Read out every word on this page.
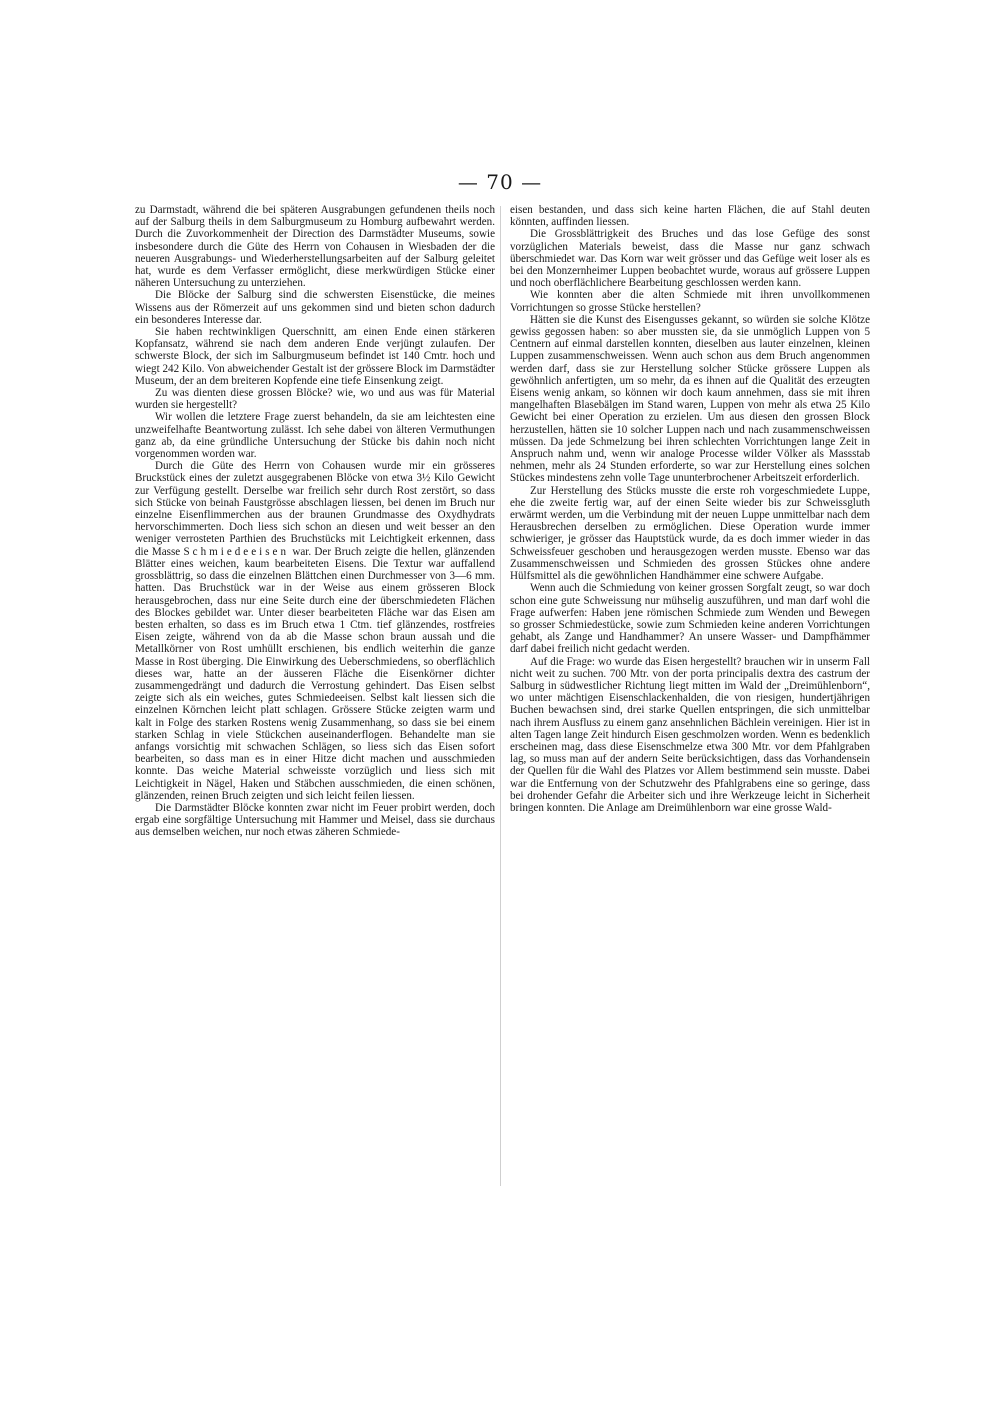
— 70 —

zu Darmstadt, während die bei späteren Ausgrabungen gefundenen theils noch auf der Salburg theils in dem Salburgmuseum zu Homburg aufbewahrt werden. Durch die Zuvorkommenheit der Direction des Darmstädter Museums, sowie insbesondere durch die Güte des Herrn von Cohausen in Wiesbaden der die neueren Ausgrabungs- und Wiederherstellungsarbeiten auf der Salburg geleitet hat, wurde es dem Verfasser ermöglicht, diese merkwürdigen Stücke einer näheren Untersuchung zu unterziehen.

Die Blöcke der Salburg sind die schwersten Eisenstücke, die meines Wissens aus der Römerzeit auf uns gekommen sind und bieten schon dadurch ein besonderes Interesse dar.

Sie haben rechtwinkligen Querschnitt, am einen Ende einen stärkeren Kopfansatz, während sie nach dem anderen Ende verjüngt zulaufen. Der schwerste Block, der sich im Salburgmuseum befindet ist 140 Cmtr. hoch und wiegt 242 Kilo. Von abweichender Gestalt ist der grössere Block im Darmstädter Museum, der an dem breiteren Kopfende eine tiefe Einsenkung zeigt.

Zu was dienten diese grossen Blöcke? wie, wo und aus was für Material wurden sie hergestellt?

Wir wollen die letztere Frage zuerst behandeln, da sie am leichtesten eine unzweifelhafte Beantwortung zulässt. Ich sehe dabei von älteren Vermuthungen ganz ab, da eine gründliche Untersuchung der Stücke bis dahin noch nicht vorgenommen worden war.

Durch die Güte des Herrn von Cohausen wurde mir ein grösseres Bruckstück eines der zuletzt ausgegrabenen Blöcke von etwa 3½ Kilo Gewicht zur Verfügung gestellt. Derselbe war freilich sehr durch Rost zerstört, so dass sich Stücke von beinah Faustgrösse abschlagen liessen, bei denen im Bruch nur einzelne Eisenflimmerchen aus der braunen Grundmasse des Oxydhydrats hervorschimmerten. Doch liess sich schon an diesen und weit besser an den weniger verrosteten Parthien des Bruchstücks mit Leichtigkeit erkennen, dass die Masse Schmiedeeisen war. Der Bruch zeigte die hellen, glänzenden Blätter eines weichen, kaum bearbeiteten Eisens. Die Textur war auffallend grossblättrig, so dass die einzelnen Blättchen einen Durchmesser von 3—6 mm. hatten. Das Bruchstück war in der Weise aus einem grösseren Block herausgebrochen, dass nur eine Seite durch eine der überschmiedeten Flächen des Blockes gebildet war. Unter dieser bearbeiteten Fläche war das Eisen am besten erhalten, so dass es im Bruch etwa 1 Ctm. tief glänzendes, rostfreies Eisen zeigte, während von da ab die Masse schon braun aussah und die Metallkörner von Rost umhüllt erschienen, bis endlich weiterhin die ganze Masse in Rost überging. Die Einwirkung des Ueberschmiedens, so oberflächlich dieses war, hatte an der äusseren Fläche die Eisenkörner dichter zusammengedrängt und dadurch die Verrostung gehindert. Das Eisen selbst zeigte sich als ein weiches, gutes Schmiedeeisen. Selbst kalt liessen sich die einzelnen Körnchen leicht platt schlagen. Grössere Stücke zeigten warm und kalt in Folge des starken Rostens wenig Zusammenhang, so dass sie bei einem starken Schlag in viele Stückchen auseinanderflogen. Behandelte man sie anfangs vorsichtig mit schwachen Schlägen, so liess sich das Eisen sofort bearbeiten, so dass man es in einer Hitze dicht machen und ausschmieden konnte. Das weiche Material schweisste vorzüglich und liess sich mit Leichtigkeit in Nägel, Haken und Stäbchen ausschmieden, die einen schönen, glänzenden, reinen Bruch zeigten und sich leicht feilen liessen.

Die Darmstädter Blöcke konnten zwar nicht im Feuer probirt werden, doch ergab eine sorgfältige Untersuchung mit Hammer und Meisel, dass sie durchaus aus demselben weichen, nur noch etwas zäheren Schmiede-

eisen bestanden, und dass sich keine harten Flächen, die auf Stahl deuten könnten, auffinden liessen.

Die Grossblättrigkeit des Bruches und das lose Gefüge des sonst vorzüglichen Materials beweist, dass die Masse nur ganz schwach überschmiedet war. Das Korn war weit grösser und das Gefüge weit loser als es bei den Monzernheimer Luppen beobachtet wurde, woraus auf grössere Luppen und noch oberflächlichere Bearbeitung geschlossen werden kann.

Wie konnten aber die alten Schmiede mit ihren unvollkommenen Vorrichtungen so grosse Stücke herstellen?

Hätten sie die Kunst des Eisengusses gekannt, so würden sie solche Klötze gewiss gegossen haben: so aber mussten sie, da sie unmöglich Luppen von 5 Centnern auf einmal darstellen konnten, dieselben aus lauter einzelnen, kleinen Luppen zusammenschweissen. Wenn auch schon aus dem Bruch angenommen werden darf, dass sie zur Herstellung solcher Stücke grössere Luppen als gewöhnlich anfertigten, um so mehr, da es ihnen auf die Qualität des erzeugten Eisens wenig ankam, so können wir doch kaum annehmen, dass sie mit ihren mangelhaften Blasebälgen im Stand waren, Luppen von mehr als etwa 25 Kilo Gewicht bei einer Operation zu erzielen. Um aus diesen den grossen Block herzustellen, hätten sie 10 solcher Luppen nach und nach zusammenschweissen müssen. Da jede Schmelzung bei ihren schlechten Vorrichtungen lange Zeit in Anspruch nahm und, wenn wir analoge Processe wilder Völker als Massstab nehmen, mehr als 24 Stunden erforderte, so war zur Herstellung eines solchen Stückes mindestens zehn volle Tage ununterbrochener Arbeitszeit erforderlich.

Zur Herstellung des Stücks musste die erste roh vorgeschmiedete Luppe, ehe die zweite fertig war, auf der einen Seite wieder bis zur Schweissgluth erwärmt werden, um die Verbindung mit der neuen Luppe unmittelbar nach dem Herausbrechen derselben zu ermöglichen. Diese Operation wurde immer schwieriger, je grösser das Hauptstück wurde, da es doch immer wieder in das Schweissfeuer geschoben und herausgezogen werden musste. Ebenso war das Zusammenschweissen und Schmieden des grossen Stückes ohne andere Hülfsmittel als die gewöhnlichen Handhämmer eine schwere Aufgabe.

Wenn auch die Schmiedung von keiner grossen Sorgfalt zeugt, so war doch schon eine gute Schweissung nur mühselig auszuführen, und man darf wohl die Frage aufwerfen: Haben jene römischen Schmiede zum Wenden und Bewegen so grosser Schmiedestücke, sowie zum Schmieden keine anderen Vorrichtungen gehabt, als Zange und Handhammer? An unsere Wasser- und Dampfhämmer darf dabei freilich nicht gedacht werden.

Auf die Frage: wo wurde das Eisen hergestellt? brauchen wir in unserm Fall nicht weit zu suchen. 700 Mtr. von der porta principalis dextra des castrum der Salburg in südwestlicher Richtung liegt mitten im Wald der „Dreimühlenborn“, wo unter mächtigen Eisenschlackenhalden, die von riesigen, hundertjährigen Buchen bewachsen sind, drei starke Quellen entspringen, die sich unmittelbar nach ihrem Ausfluss zu einem ganz ansehnlichen Bächlein vereinigen. Hier ist in alten Tagen lange Zeit hindurch Eisen geschmolzen worden. Wenn es bedenklich erscheinen mag, dass diese Eisenschmelze etwa 300 Mtr. vor dem Pfahlgraben lag, so muss man auf der andern Seite berücksichtigen, dass das Vorhandensein der Quellen für die Wahl des Platzes vor Allem bestimmend sein musste. Dabei war die Entfernung von der Schutzwehr des Pfahlgrabens eine so geringe, dass bei drohender Gefahr die Arbeiter sich und ihre Werkzeuge leicht in Sicherheit bringen konnten. Die Anlage am Dreimühlenborn war eine grosse Wald-
